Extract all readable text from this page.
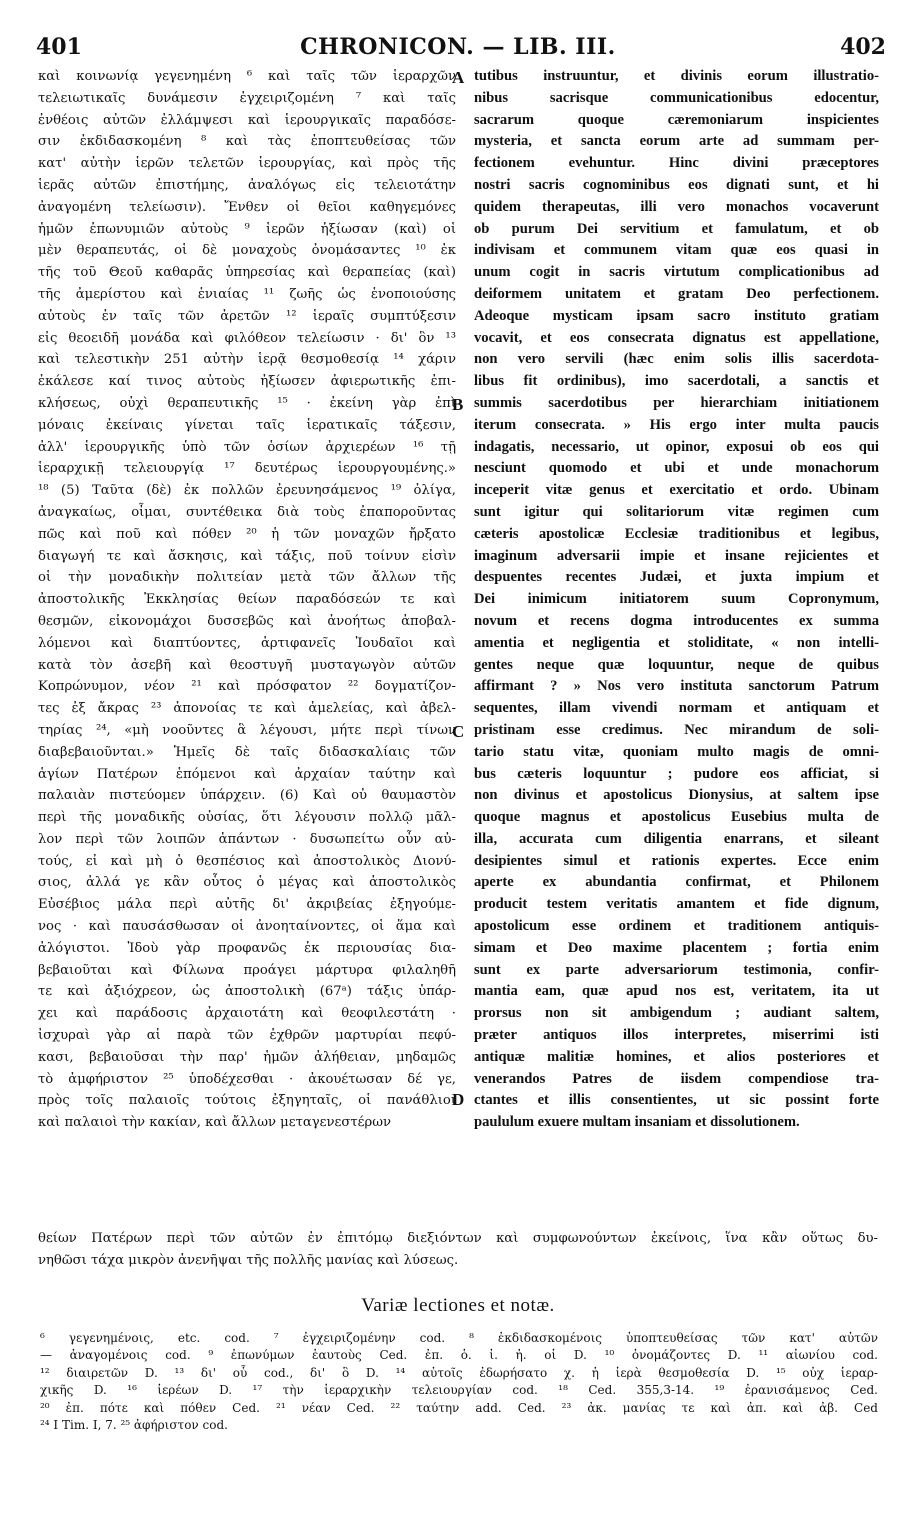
401	CHRONICON. — LIB. III.	402
καὶ κοινωνίᾳ γεγενημένη ⁶ καὶ ταῖς τῶν ἱεραρχῶν
τελειωτικαῖς δυνάμεσιν ἐγχειριζομένη ⁷ καὶ ταῖς
ἐνθέοις αὐτῶν ἐλλάμψεσι καὶ ἱερουργικαῖς παραδόσε-
σιν ἐκδιδασκομένη ⁸ καὶ τὰς ἐποπτευθείσας τῶν
κατ' αὐτὴν ἱερῶν τελετῶν ἱερουργίας, καὶ πρὸς τῆς
ἱερᾶς αὐτῶν ἐπιστήμης, ἀναλόγως εἰς τελειοτάτην
ἀναγομένη τελείωσιν). Ἔνθεν οἱ θεῖοι καθηγεμόνες
ἡμῶν ἐπωνυμιῶν αὐτοὺς ⁹ ἱερῶν ἠξίωσαν (καὶ) οἱ
μὲν θεραπευτάς, οἱ δὲ μοναχοὺς ὀνομάσαντες ¹⁰ ἐκ
τῆς τοῦ Θεοῦ καθαρᾶς ὑπηρεσίας καὶ θεραπείας (καὶ)
τῆς ἀμερίστου καὶ ἑνιαίας ¹¹ ζωῆς ὡς ἑνοποιούσης
αὐτοὺς ἐν ταῖς τῶν ἀρετῶν ¹² ἱεραῖς συμπτύξεσιν
εἰς θεοειδῆ μονάδα καὶ φιλόθεον τελείωσιν · δι' ὃν ¹³
καὶ τελεστικὴν 251 αὐτὴν ἱερᾷ θεσμοθεσίᾳ ¹⁴ χάριν
ἐκάλεσε καί τινος αὐτοὺς ἠξίωσεν ἀφιερωτικῆς ἐπι-
κλήσεως, οὐχὶ θεραπευτικῆς ¹⁵ · ἐκείνη γὰρ ἐπὶ
μόναις ἐκείναις γίνεται ταῖς ἱερατικαῖς τάξεσιν,
ἀλλ' ἱερουργικῆς ὑπὸ τῶν ὁσίων ἀρχιερέων ¹⁶ τῇ
ἱεραρχικῇ τελειουργίᾳ ¹⁷ δευτέρως ἱερουργουμένης.»
¹⁸ (5) Ταῦτα (δὲ) ἐκ πολλῶν ἐρευνησάμενος ¹⁹ ὀλίγα,
ἀναγκαίως, οἶμαι, συντέθεικα διὰ τοὺς ἐπαποροῦντας
πῶς καὶ ποῦ καὶ πόθεν ²⁰ ἡ τῶν μοναχῶν ἤρξατο
διαγωγή τε καὶ ἄσκησις, καὶ τάξις, ποῦ τοίνυν εἰσὶν
οἱ τὴν μοναδικὴν πολιτείαν μετὰ τῶν ἄλλων τῆς
ἀποστολικῆς Ἐκκλησίας θείων παραδόσεών τε καὶ
θεσμῶν, εἰκονομάχοι δυσσεβῶς καὶ ἀνοήτως ἀποβαλ-
λόμενοι καὶ διαπτύοντες, ἀρτιφανεῖς Ἰουδαῖοι καὶ
κατὰ τὸν ἀσεβῆ καὶ θεοστυγῆ μυσταγωγὸν αὐτῶν
Κοπρώνυμον, νέον ²¹ καὶ πρόσφατον ²² δογματίζον-
τες ἐξ ἄκρας ²³ ἀπονοίας τε καὶ ἀμελείας, καὶ ἀβελ-
τηρίας ²⁴, «μὴ νοοῦντες ἃ λέγουσι, μήτε περὶ τίνων
διαβεβαιοῦνται.» Ἡμεῖς δὲ ταῖς διδασκαλίαις τῶν
ἁγίων Πατέρων ἑπόμενοι καὶ ἀρχαίαν ταύτην καὶ
παλαιὰν πιστεύομεν ὑπάρχειν. (6) Καὶ οὐ θαυμαστὸν
περὶ τῆς μοναδικῆς οὐσίας, ὅτι λέγουσιν πολλῷ μᾶλ-
λον περὶ τῶν λοιπῶν ἁπάντων · δυσωπείτω οὖν αὐ-
τούς, εἰ καὶ μὴ ὁ θεσπέσιος καὶ ἀποστολικὸς Διονύ-
σιος, ἀλλά γε κἂν οὗτος ὁ μέγας καὶ ἀποστολικὸς
Εὐσέβιος μάλα περὶ αὐτῆς δι' ἀκριβείας ἐξηγούμε-
νος · καὶ παυσάσθωσαν οἱ ἀνοηταίνοντες, οἱ ἅμα καὶ
ἀλόγιστοι. Ἰδοὺ γὰρ προφανῶς ἐκ περιουσίας δια-
βεβαιοῦται καὶ Φίλωνα προάγει μάρτυρα φιλαληθῆ
τε καὶ ἀξιόχρεον, ὡς ἀποστολικὴ (67ᵃ) τάξις ὑπάρ-
χει καὶ παράδοσις ἀρχαιοτάτη καὶ θεοφιλεστάτη ·
ἰσχυραὶ γὰρ αἱ παρὰ τῶν ἐχθρῶν μαρτυρίαι πεφύ-
κασι, βεβαιοῦσαι τὴν παρ' ἡμῶν ἀλήθειαν, μηδαμῶς
τὸ ἀμφήριστον ²⁵ ὑποδέχεσθαι · ἀκουέτωσαν δέ γε,
πρὸς τοῖς παλαιοῖς τούτοις ἐξηγηταῖς, οἱ πανάθλιοι
καὶ παλαιοὶ τὴν κακίαν, καὶ ἄλλων μεταγενεστέρων
tutibus instruuntur, et divinis eorum illustratio-
nibus sacrisque communicationibus edocentur,
sacrarum quoque cæremoniarum inspicientes
mysteria, et sancta eorum arte ad summam per-
fectionem evehuntur. Hinc divini præceptores
nostri sacris cognominibus eos dignati sunt, et hi
quidem therapeutas, illi vero monachos vocaverunt
ob purum Dei servitium et famulatum, et ob
indivisam et communem vitam quæ eos quasi in
unum cogit in sacris virtutum complicationibus ad
deiformem unitatem et gratam Deo perfectionem.
Adeoque mysticam ipsam sacro instituto gratiam
vocavit, et eos consecrata dignatus est appellatione,
non vero servili (hæc enim solis illis sacerdota-
libus fit ordinibus), imo sacerdotali, a sanctis et
summis sacerdotibus per hierarchiam initiationem
iterum consecrata. » His ergo inter multa paucis
indagatis, necessario, ut opinor, exposui ob eos qui
nesciunt quomodo et ubi et unde monachorum
inceperit vitæ genus et exercitatio et ordo. Ubinam
sunt igitur qui solitariorum vitæ regimen cum
cæteris apostolicæ Ecclesiæ traditionibus et legibus,
imaginum adversarii impie et insane rejicientes et
despuentes recentes Judæi, et juxta impium et
Dei inimicum initiatorem suum Copronymum,
novum et recens dogma introducentes ex summa
amentia et negligentia et stoliditate, « non intelli-
gentes neque quæ loquuntur, neque de quibus
affirmant ? » Nos vero instituta sanctorum Patrum
sequentes, illam vivendi normam et antiquam et
pristinam esse credimus. Nec mirandum de soli-
tario statu vitæ, quoniam multo magis de omni-
bus cæteris loquuntur ; pudore eos afficiat, si
non divinus et apostolicus Dionysius, at saltem ipse
quoque magnus et apostolicus Eusebius multa de
illa, accurata cum diligentia enarrans, et sileant
desipientes simul et rationis expertes. Ecce enim
aperte ex abundantia confirmat, et Philonem
producit testem veritatis amantem et fide dignum,
apostolicum esse ordinem et traditionem antiquis-
simam et Deo maxime placentem ; fortia enim
sunt ex parte adversariorum testimonia, confir-
mantia eam, quæ apud nos est, veritatem, ita ut
prorsus non sit ambigendum ; audiant saltem,
præter antiquos illos interpretes, miserrimi isti
antiquæ malitiæ homines, et alios posteriores et
venerandos Patres de iisdem compendiose tra-
ctantes et illis consentientes, ut sic possint forte
paululum exuere multam insaniam et dissolutionem.
A
B
C
D
θείων Πατέρων περὶ τῶν αὐτῶν ἐν ἐπιτόμῳ διεξιόντων καὶ συμφωνούντων ἐκείνοις, ἵνα κἂν οὕτως δυ-
νηθῶσι τάχα μικρὸν ἀνενῆψαι τῆς πολλῆς μανίας καὶ λύσεως.
Variæ lectiones et notæ.
⁶ γεγενημένοις, etc. cod. ⁷ ἐγχειριζομένην cod. ⁸ ἐκδιδασκομένοις ὑποπτευθείσας τῶν κατ' αὐτῶν
— ἀναγομένοις cod. ⁹ ἐπωνύμων ἑαυτοὺς Ced. ἐπ. ὁ. ἰ. ἠ. οἱ D. ¹⁰ ὀνομάζοντες D. ¹¹ αἰωνίου cod.
¹² διαιρετῶν D. ¹³ δι' οὗ cod., δι' ὃ D. ¹⁴ αὐτοῖς ἐδωρήσατο χ. ἡ ἱερὰ θεσμοθεσία D. ¹⁵ οὐχ ἱεραρ-
χικῆς D. ¹⁶ ἱερέων D. ¹⁷ τὴν ἱεραρχικὴν τελειουργίαν cod. ¹⁸ Ced. 355,3-14. ¹⁹ ἐρανισάμενος Ced.
²⁰ ἐπ. πότε καὶ πόθεν Ced. ²¹ νέαν Ced. ²² ταύτην add. Ced. ²³ ἀκ. μανίας τε καὶ ἀπ. καὶ ἀβ. Ced
²⁴ I Tim. I, 7. ²⁵ ἀφήριστον cod.
